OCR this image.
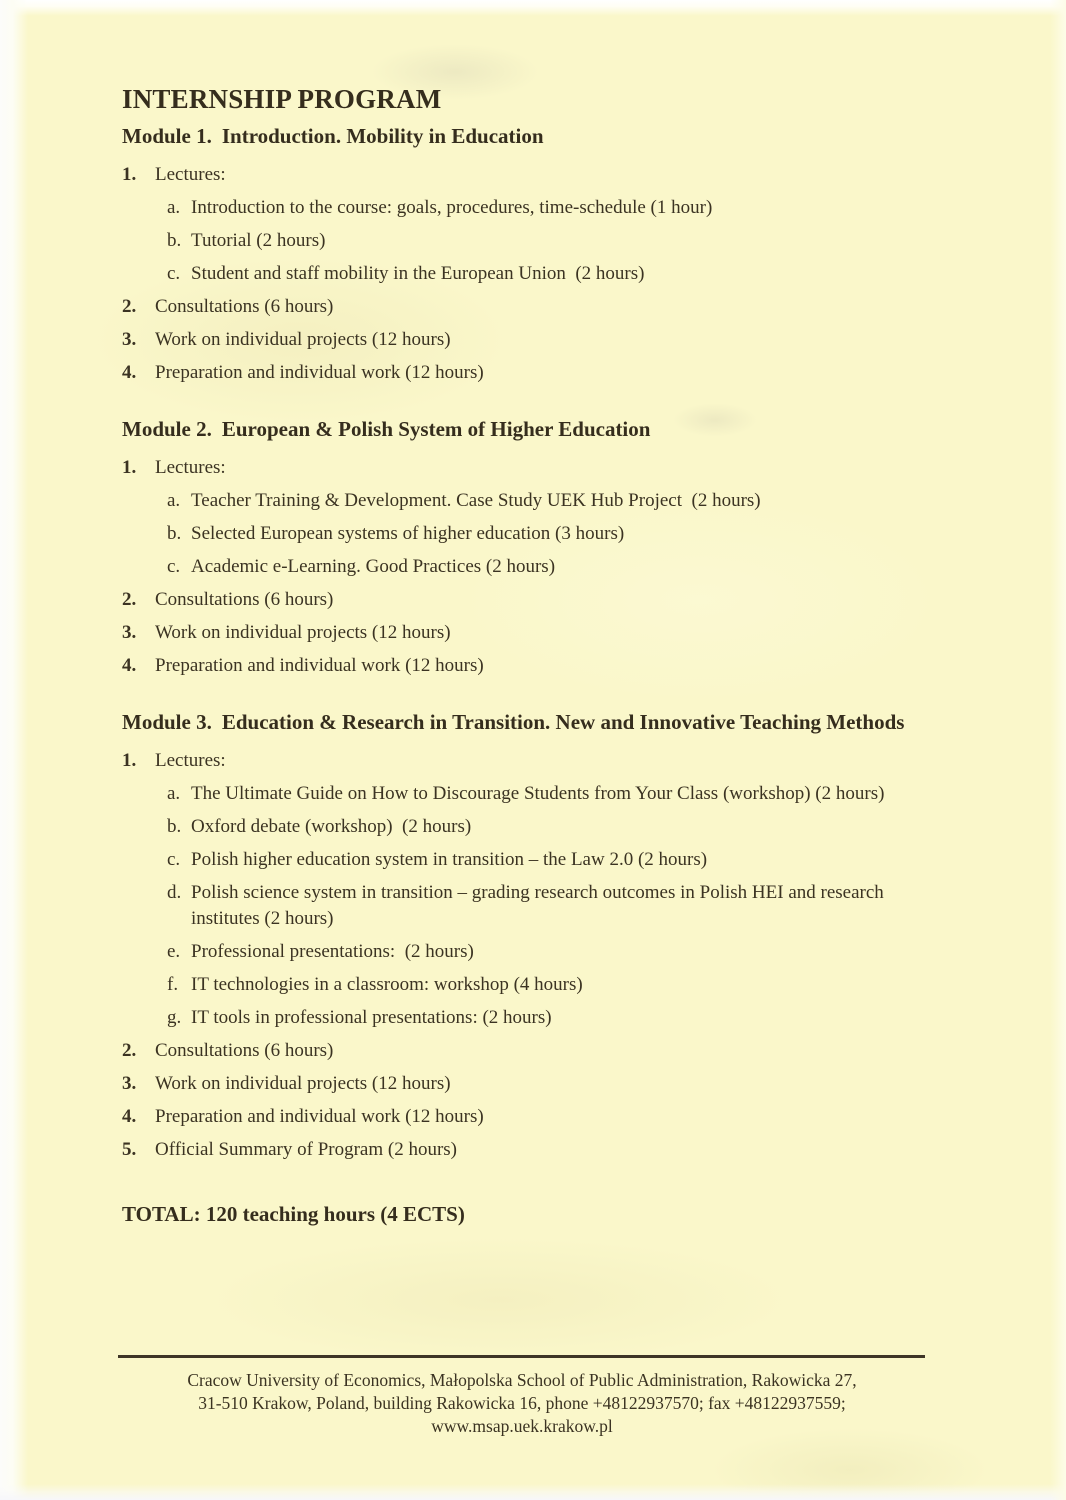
INTERNSHIP PROGRAM
Module 1. Introduction. Mobility in Education
1. Lectures:
a. Introduction to the course: goals, procedures, time-schedule (1 hour)
b. Tutorial (2 hours)
c. Student and staff mobility in the European Union  (2 hours)
2. Consultations (6 hours)
3. Work on individual projects (12 hours)
4. Preparation and individual work (12 hours)
Module 2. European & Polish System of Higher Education
1. Lectures:
a. Teacher Training & Development. Case Study UEK Hub Project  (2 hours)
b. Selected European systems of higher education (3 hours)
c. Academic e-Learning. Good Practices (2 hours)
2. Consultations (6 hours)
3. Work on individual projects (12 hours)
4. Preparation and individual work (12 hours)
Module 3. Education & Research in Transition. New and Innovative Teaching Methods
1. Lectures:
a. The Ultimate Guide on How to Discourage Students from Your Class (workshop) (2 hours)
b. Oxford debate (workshop)  (2 hours)
c. Polish higher education system in transition – the Law 2.0 (2 hours)
d. Polish science system in transition – grading research outcomes in Polish HEI and research institutes (2 hours)
e. Professional presentations:  (2 hours)
f. IT technologies in a classroom: workshop (4 hours)
g. IT tools in professional presentations: (2 hours)
2. Consultations (6 hours)
3. Work on individual projects (12 hours)
4. Preparation and individual work (12 hours)
5. Official Summary of Program (2 hours)

TOTAL: 120 teaching hours (4 ECTS)

Cracow University of Economics, Małopolska School of Public Administration, Rakowicka 27,
31-510 Krakow, Poland, building Rakowicka 16, phone +48122937570; fax +48122937559;
www.msap.uek.krakow.pl
